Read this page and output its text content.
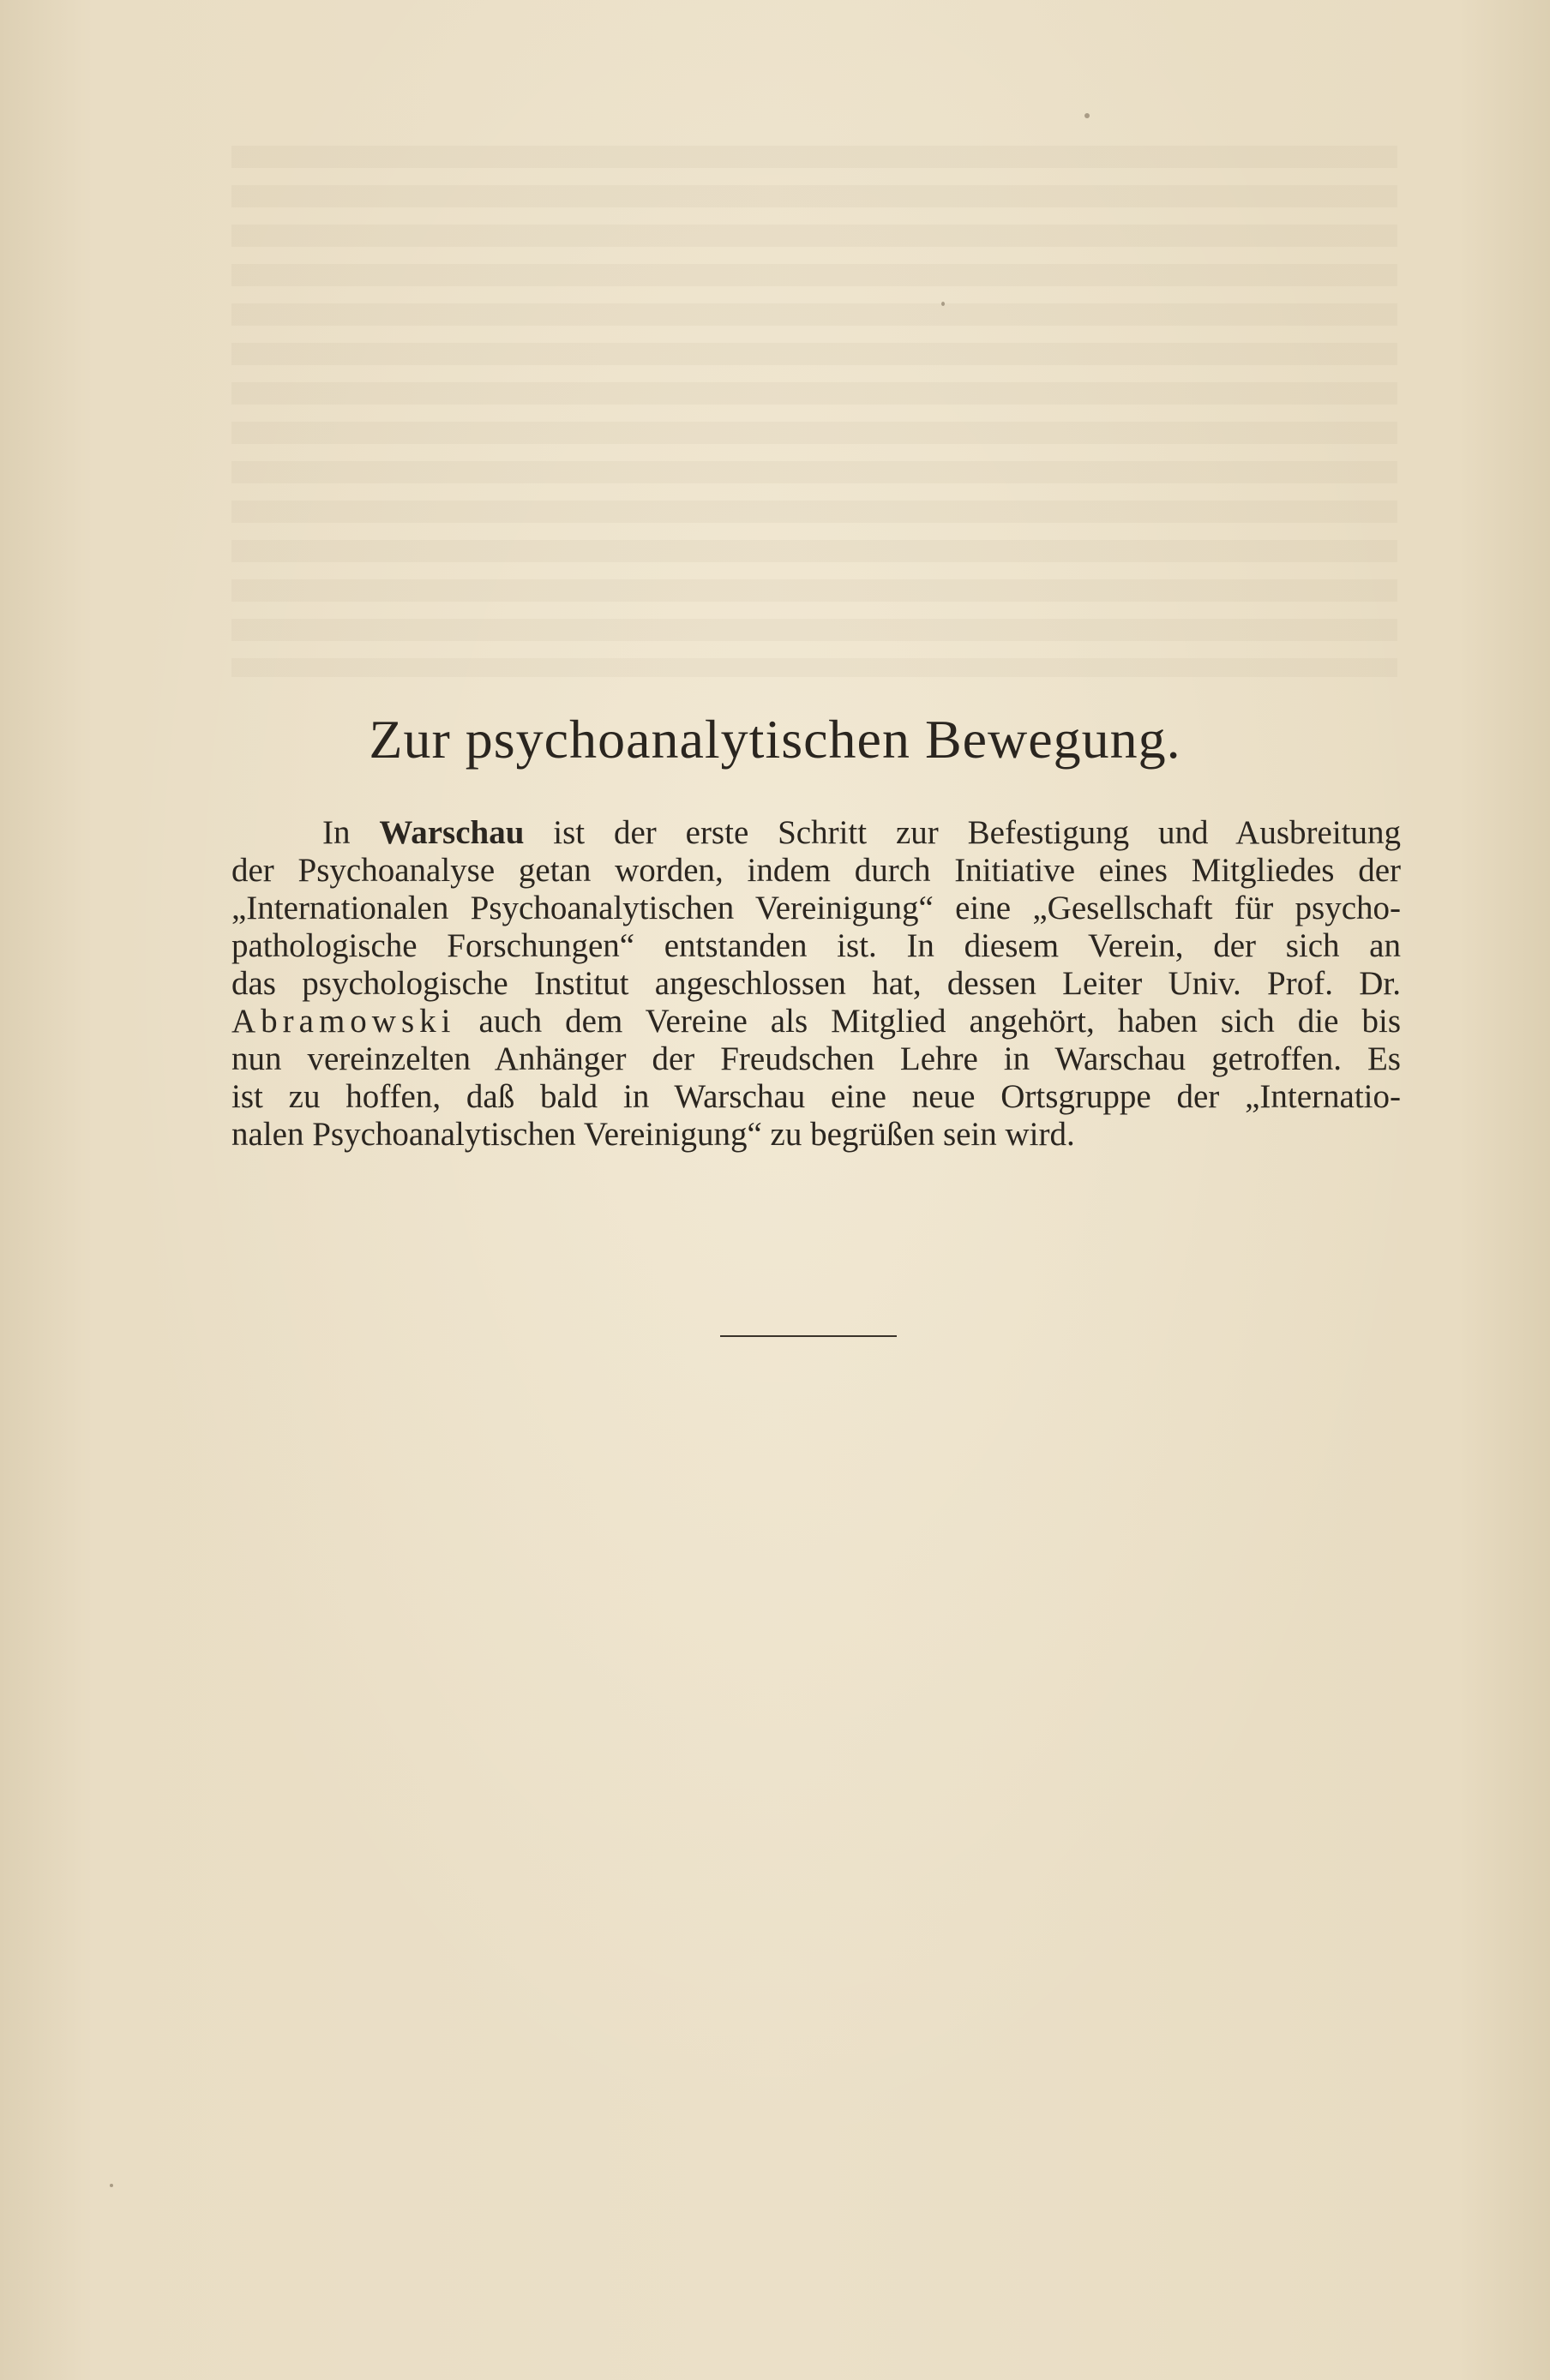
Zur psychoanalytischen Bewegung.
In Warschau ist der erste Schritt zur Befestigung und Ausbreitung
der Psychoanalyse getan worden, indem durch Initiative eines Mitgliedes der
„Internationalen Psychoanalytischen Vereinigung“ eine „Gesellschaft für psycho-
pathologische Forschungen“ entstanden ist. In diesem Verein, der sich an
das psychologische Institut angeschlossen hat, dessen Leiter Univ. Prof. Dr.
Abramowski auch dem Vereine als Mitglied angehört, haben sich die bis
nun vereinzelten Anhänger der Freudschen Lehre in Warschau getroffen. Es
ist zu hoffen, daß bald in Warschau eine neue Ortsgruppe der „Internatio-
nalen Psychoanalytischen Vereinigung“ zu begrüßen sein wird.
